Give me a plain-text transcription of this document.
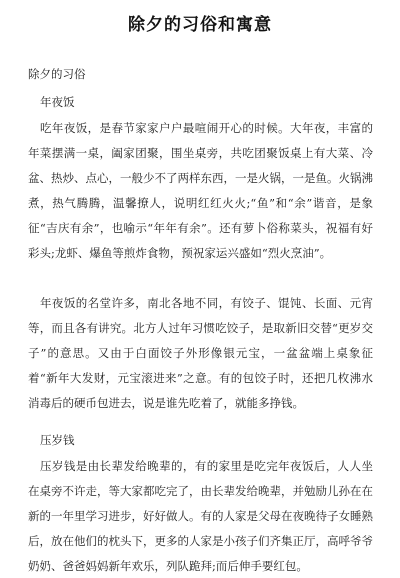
除夕的习俗和寓意
除夕的习俗
年夜饭

吃年夜饭，是春节家家户户最喧闹开心的时候。大年夜，丰富的年菜摆满一桌，阖家团聚，围坐桌旁，共吃团聚饭桌上有大菜、冷盆、热炒、点心，一般少不了两样东西，一是火锅，一是鱼。火锅沸煮，热气腾腾，温馨撩人，说明红红火火;“鱼”和“余”谐音，是象征“吉庆有余”，也喻示“年年有余”。还有萝卜俗称菜头，祝福有好彩头;龙虾、爆鱼等煎炸食物，预祝家运兴盛如“烈火烹油”。

年夜饭的名堂许多，南北各地不同，有饺子、馄饨、长面、元宵等，而且各有讲究。北方人过年习惯吃饺子，是取新旧交替“更岁交子”的意思。又由于白面饺子外形像银元宝，一盆盆端上桌象征着“新年大发财，元宝滚进来”之意。有的包饺子时，还把几枚沸水消毒后的硬币包进去，说是谁先吃着了，就能多挣钱。

压岁钱

压岁钱是由长辈发给晚辈的，有的家里是吃完年夜饭后，人人坐在桌旁不许走，等大家都吃完了，由长辈发给晚辈，并勉励儿孙在在新的一年里学习进步，好好做人。有的人家是父母在夜晚待子女睡熟后，放在他们的枕头下，更多的人家是小孩子们齐集正厅，高呼爷爷奶奶、爸爸妈妈新年欢乐，列队跪拜;而后伸手要红包。
